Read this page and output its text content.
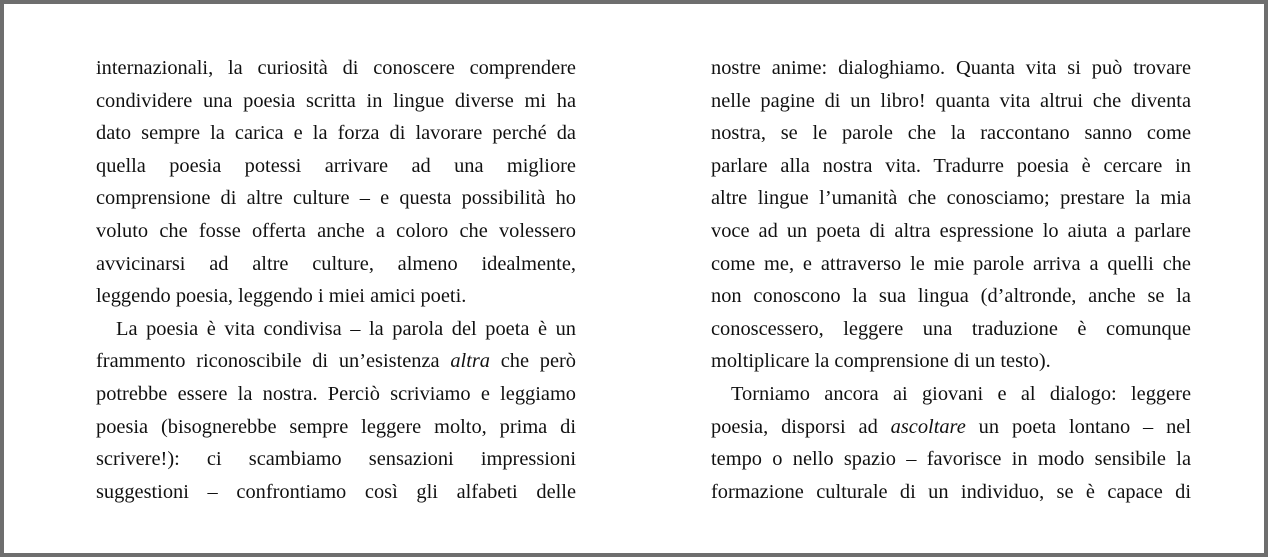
internazionali, la curiosità di conoscere comprendere
condividere una poesia scritta in lingue diverse mi ha
dato sempre la carica e la forza di lavorare perché da
quella poesia potessi arrivare ad una migliore
comprensione di altre culture – e questa possibilità ho
voluto che fosse offerta anche a coloro che volessero
avvicinarsi ad altre culture, almeno idealmente,
leggendo poesia, leggendo i miei amici poeti.
La poesia è vita condivisa – la parola del poeta è un
frammento riconoscibile di un’esistenza altra che però
potrebbe essere la nostra. Perciò scriviamo e leggiamo
poesia (bisognerebbe sempre leggere molto, prima di
scrivere!): ci scambiamo sensazioni impressioni
suggestioni – confrontiamo così gli alfabeti delle
nostre anime: dialoghiamo. Quanta vita si può trovare
nelle pagine di un libro! quanta vita altrui che diventa
nostra, se le parole che la raccontano sanno come
parlare alla nostra vita. Tradurre poesia è cercare in
altre lingue l’umanità che conosciamo; prestare la mia
voce ad un poeta di altra espressione lo aiuta a parlare
come me, e attraverso le mie parole arriva a quelli che
non conoscono la sua lingua (d’altronde, anche se la
conoscessero, leggere una traduzione è comunque
moltiplicare la comprensione di un testo).
Torniamo ancora ai giovani e al dialogo: leggere
poesia, disporsi ad ascoltare un poeta lontano – nel
tempo o nello spazio – favorisce in modo sensibile la
formazione culturale di un individuo, se è capace di
